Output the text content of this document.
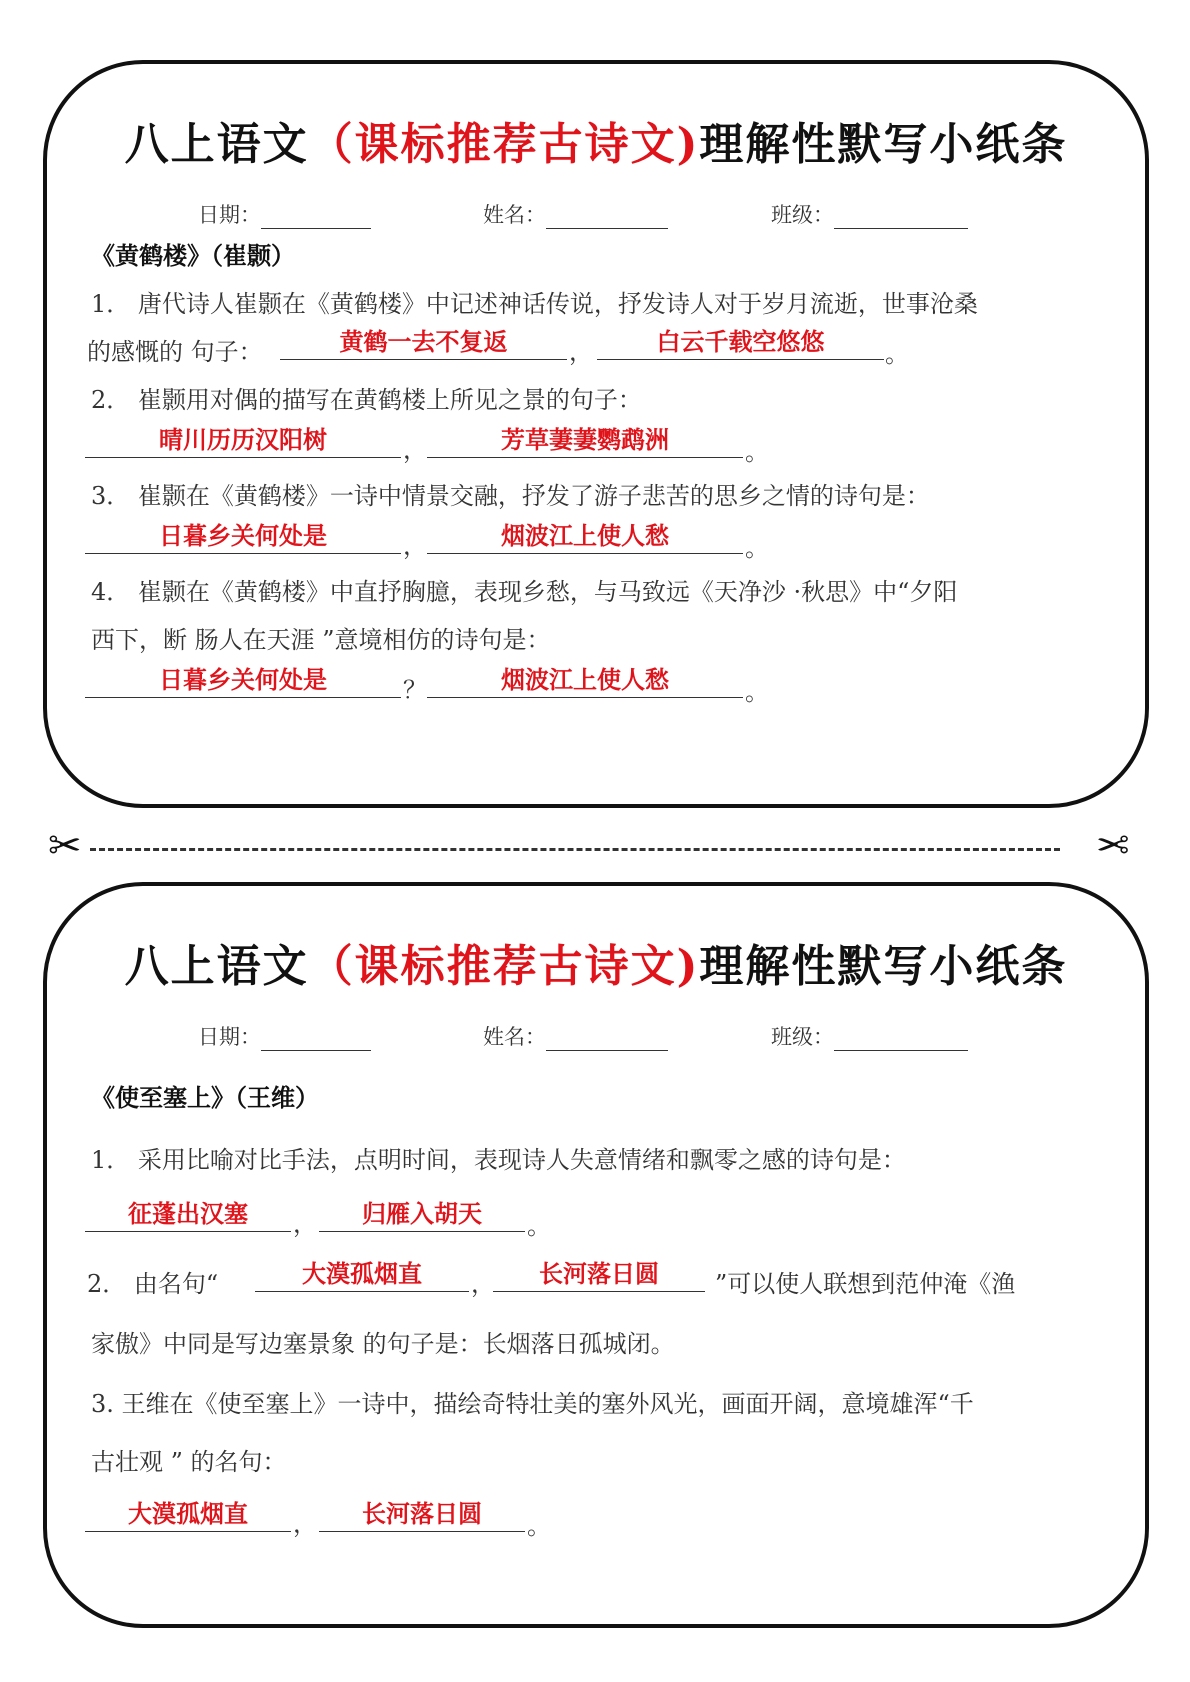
八上语文（课标推荐古诗文)理解性默写小纸条
日期：	姓名：	班级：
《黄鹤楼》（崔颢）
1． 唐代诗人崔颢在《黄鹤楼》中记述神话传说，抒发诗人对于岁月流逝，世事沧桑
的感慨的 句子：	黄鹤一去不复返	，	白云千载空悠悠	。
2． 崔颢用对偶的描写在黄鹤楼上所见之景的句子：
晴川历历汉阳树	，	芳草萋萋鹦鹉洲	。
3． 崔颢在《黄鹤楼》一诗中情景交融，抒发了游子悲苦的思乡之情的诗句是：
日暮乡关何处是	，	烟波江上使人愁	。
4． 崔颢在《黄鹤楼》中直抒胸臆，表现乡愁，与马致远《天净沙 ·秋思》中“夕阳
西下，断 肠人在天涯 ”意境相仿的诗句是：
日暮乡关何处是	？	烟波江上使人愁	。
✂	✂
八上语文（课标推荐古诗文)理解性默写小纸条
日期：	姓名：	班级：
《使至塞上》（王维）
1． 采用比喻对比手法，点明时间，表现诗人失意情绪和飘零之感的诗句是：
征蓬出汉塞	，	归雁入胡天	。
2． 由名句“	大漠孤烟直	，	长河落日圆	”可以使人联想到范仲淹《渔
家傲》中同是写边塞景象 的句子是：长烟落日孤城闭。
3. 王维在《使至塞上》一诗中，描绘奇特壮美的塞外风光，画面开阔，意境雄浑“千
古壮观 ” 的名句：
大漠孤烟直	，	长河落日圆	。
